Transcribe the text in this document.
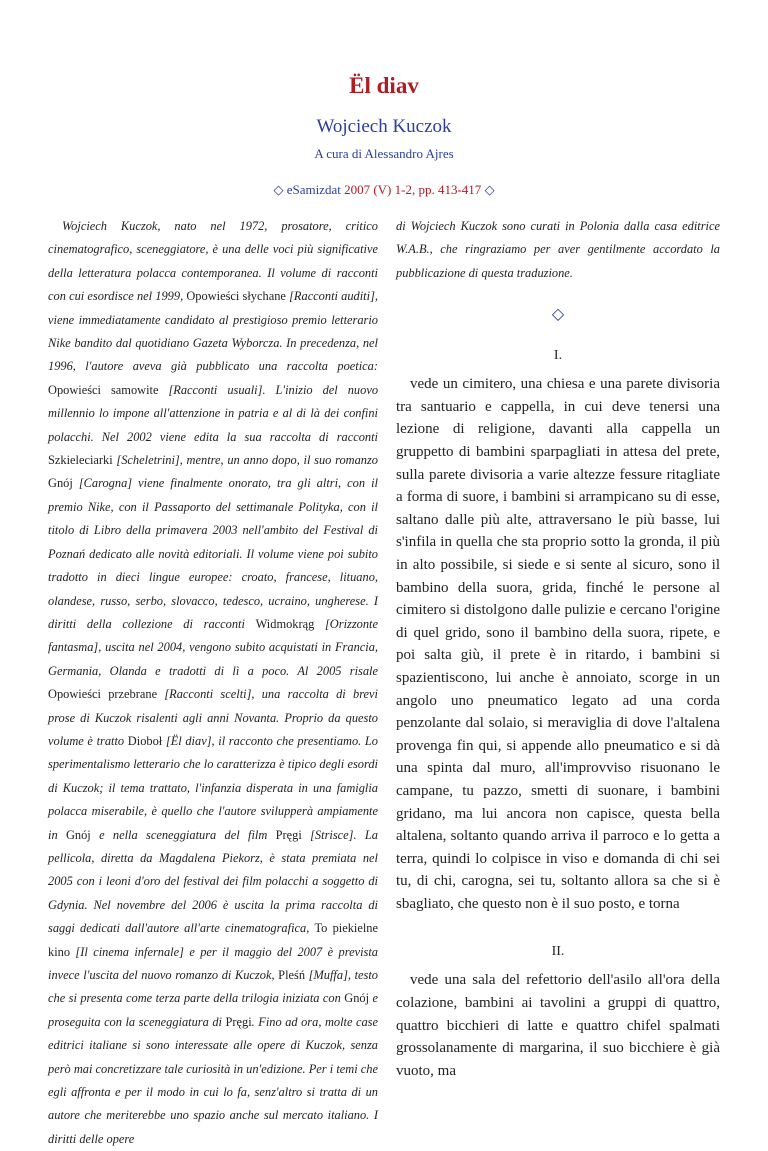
Ël diav
Wojciech Kuczok
A cura di Alessandro Ajres
◇ eSamizdat 2007 (V) 1-2, pp. 413-417 ◇

Wojciech Kuczok, nato nel 1972, prosatore, critico cinematografico, sceneggiatore, è una delle voci più significative della letteratura polacca contemporanea. Il volume di racconti con cui esordisce nel 1999, Opowieści słychane [Racconti auditi], viene immediatamente candidato al prestigioso premio letterario Nike bandito dal quotidiano Gazeta Wyborcza. In precedenza, nel 1996, l'autore aveva già pubblicato una raccolta poetica: Opowieści samowite [Racconti usuali]. L'inizio del nuovo millennio lo impone all'attenzione in patria e al di là dei confini polacchi. Nel 2002 viene edita la sua raccolta di racconti Szkieleciarki [Scheletrini], mentre, un anno dopo, il suo romanzo Gnój [Carogna] viene finalmente onorato, tra gli altri, con il premio Nike, con il Passaporto del settimanale Polityka, con il titolo di Libro della primavera 2003 nell'ambito del Festival di Poznań dedicato alle novità editoriali. Il volume viene poi subito tradotto in dieci lingue europee: croato, francese, lituano, olandese, russo, serbo, slovacco, tedesco, ucraino, ungherese. I diritti della collezione di racconti Widmokrąg [Orizzonte fantasma], uscita nel 2004, vengono subito acquistati in Francia, Germania, Olanda e tradotti di lì a poco. Al 2005 risale Opowieści przebrane [Racconti scelti], una raccolta di brevi prose di Kuczok risalenti agli anni Novanta. Proprio da questo volume è tratto Dioboł [Ël diav], il racconto che presentiamo. Lo sperimentalismo letterario che lo caratterizza è tipico degli esordi di Kuczok; il tema trattato, l'infanzia disperata in una famiglia polacca miserabile, è quello che l'autore svilupperà ampiamente in Gnój e nella sceneggiatura del film Pręgi [Strisce]. La pellicola, diretta da Magdalena Piekorz, è stata premiata nel 2005 con i leoni d'oro del festival dei film polacchi a soggetto di Gdynia. Nel novembre del 2006 è uscita la prima raccolta di saggi dedicati dall'autore all'arte cinematografica, To piekielne kino [Il cinema infernale] e per il maggio del 2007 è prevista invece l'uscita del nuovo romanzo di Kuczok, Pleśń [Muffa], testo che si presenta come terza parte della trilogia iniziata con Gnój e proseguita con la sceneggiatura di Pręgi. Fino ad ora, molte case editrici italiane si sono interessate alle opere di Kuczok, senza però mai concretizzare tale curiosità in un'edizione. Per i temi che egli affronta e per il modo in cui lo fa, senz'altro si tratta di un autore che meriterebbe uno spazio anche sul mercato italiano. I diritti delle opere

di Wojciech Kuczok sono curati in Polonia dalla casa editrice W.A.B., che ringraziamo per aver gentilmente accordato la pubblicazione di questa traduzione.

◇
I.

vede un cimitero, una chiesa e una parete divisoria tra santuario e cappella, in cui deve tenersi una lezione di religione, davanti alla cappella un gruppetto di bambini sparpagliati in attesa del prete, sulla parete divisoria a varie altezze fessure ritagliate a forma di suore, i bambini si arrampicano su di esse, saltano dalle più alte, attraversano le più basse, lui s'infila in quella che sta proprio sotto la gronda, il più in alto possibile, si siede e si sente al sicuro, sono il bambino della suora, grida, finché le persone al cimitero si distolgono dalle pulizie e cercano l'origine di quel grido, sono il bambino della suora, ripete, e poi salta giù, il prete è in ritardo, i bambini si spazientiscono, lui anche è annoiato, scorge in un angolo uno pneumatico legato ad una corda penzolante dal solaio, si meraviglia di dove l'altalena provenga fin qui, si appende allo pneumatico e si dà una spinta dal muro, all'improvviso risuonano le campane, tu pazzo, smetti di suonare, i bambini gridano, ma lui ancora non capisce, questa bella altalena, soltanto quando arriva il parroco e lo getta a terra, quindi lo colpisce in viso e domanda di chi sei tu, di chi, carogna, sei tu, soltanto allora sa che si è sbagliato, che questo non è il suo posto, e torna

II.

vede una sala del refettorio dell'asilo all'ora della colazione, bambini ai tavolini a gruppi di quattro, quattro bicchieri di latte e quattro chifel spalmati grossolanamente di margarina, il suo bicchiere è già vuoto, ma
